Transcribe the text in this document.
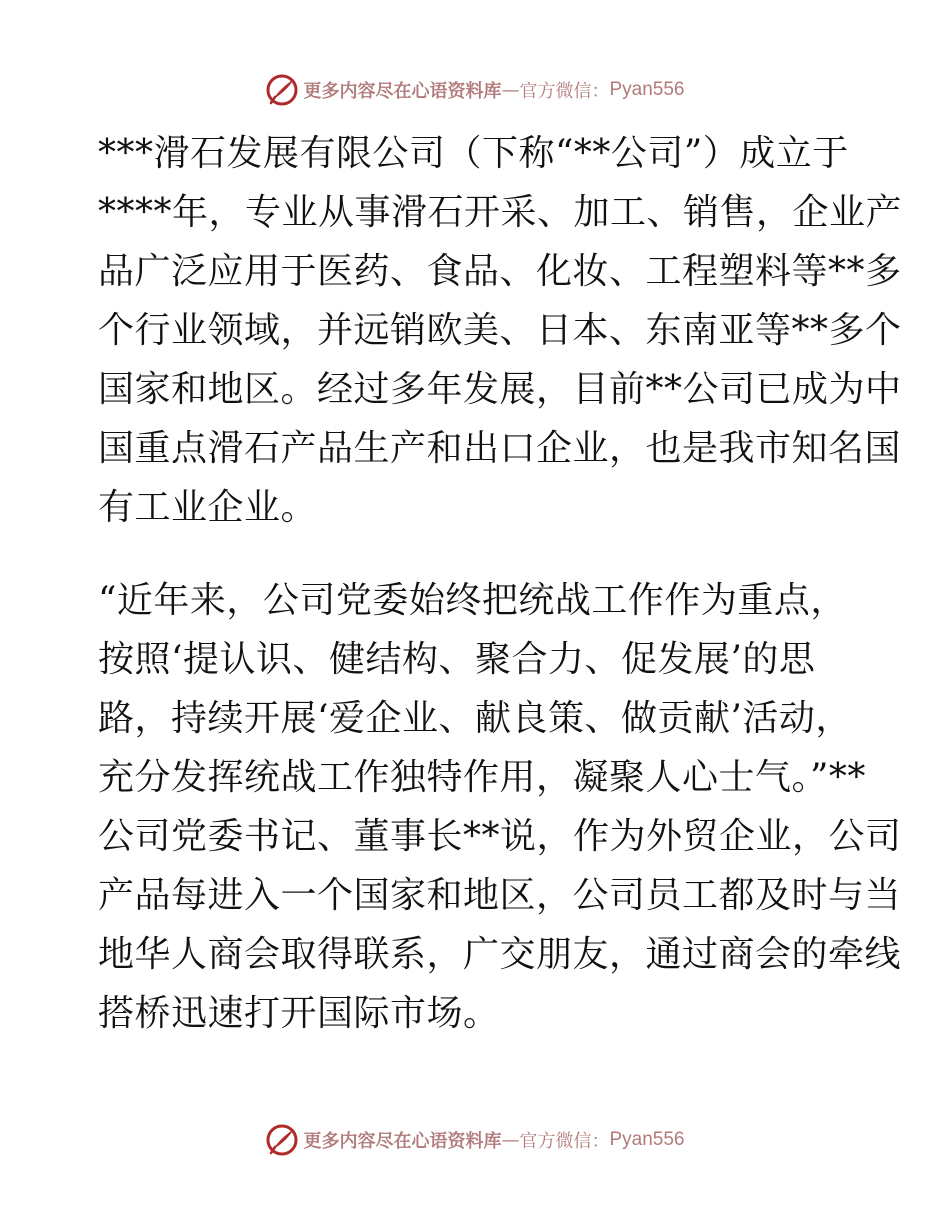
更多内容尽在心语资料库 — 官方微信： Pyan556

***滑石发展有限公司（下称“**公司”）成立于
****年，专业从事滑石开采、加工、销售，企业产
品广泛应用于医药、食品、化妆、工程塑料等**多
个行业领域，并远销欧美、日本、东南亚等**多个
国家和地区。经过多年发展，目前**公司已成为中
国重点滑石产品生产和出口企业，也是我市知名国
有工业企业。

“近年来，公司党委始终把统战工作作为重点，
按照‘提认识、健结构、聚合力、促发展’的思
路，持续开展‘爱企业、献良策、做贡献’活动，
充分发挥统战工作独特作用，凝聚人心士气。”**
公司党委书记、董事长**说，作为外贸企业，公司
产品每进入一个国家和地区，公司员工都及时与当
地华人商会取得联系，广交朋友，通过商会的牵线
搭桥迅速打开国际市场。

更多内容尽在心语资料库 — 官方微信： Pyan556
